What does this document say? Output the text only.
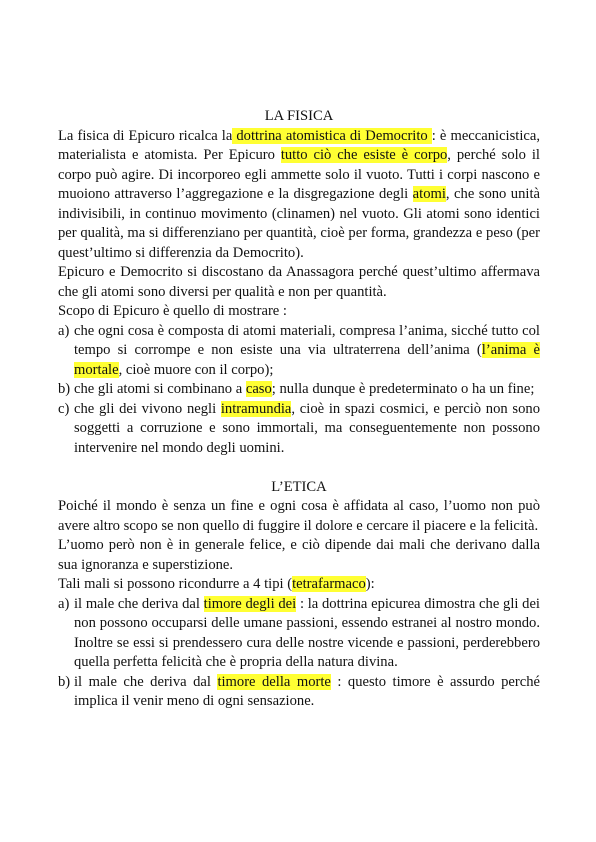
LA FISICA
La fisica di Epicuro ricalca la dottrina atomistica di Democrito : è meccanicistica, materialista e atomista. Per Epicuro tutto ciò che esiste è corpo, perché solo il corpo può agire. Di incorporeo egli ammette solo il vuoto. Tutti i corpi nascono e muoiono attraverso l’aggregazione e la disgregazione degli atomi, che sono unità indivisibili, in continuo movimento (clinamen) nel vuoto. Gli atomi sono identici per qualità, ma si differenziano per quantità, cioè per forma, grandezza e peso (per quest’ultimo si differenzia da Democrito).
Epicuro e Democrito si discostano da Anassagora perché quest’ultimo affermava che gli atomi sono diversi per qualità e non per quantità.
Scopo di Epicuro è quello di mostrare :
a) che ogni cosa è composta di atomi materiali, compresa l’anima, sicché tutto col tempo si corrompe e non esiste una via ultraterrena dell’anima (l’anima è mortale, cioè muore con il corpo);
b) che gli atomi si combinano a caso; nulla dunque è predeterminato o ha un fine;
c) che gli dei vivono negli intramundia, cioè in spazi cosmici, e perciò non sono soggetti a corruzione e sono immortali, ma conseguentemente non possono intervenire nel mondo degli uomini.
L’ETICA
Poiché il mondo è senza un fine e ogni cosa è affidata al caso, l’uomo non può avere altro scopo se non quello di fuggire il dolore e cercare il piacere e la felicità.
L’uomo però non è in generale felice, e ciò dipende dai mali che derivano dalla sua ignoranza e superstizione.
Tali mali si possono ricondurre a 4 tipi (tetrafarmaco):
a) il male che deriva dal timore degli dei : la dottrina epicurea dimostra che gli dei non possono occuparsi delle umane passioni, essendo estranei al nostro mondo. Inoltre se essi si prendessero cura delle nostre vicende e passioni, perderebbero quella perfetta felicità che è propria della natura divina.
b) il male che deriva dal timore della morte : questo timore è assurdo perché implica il venir meno di ogni sensazione.
